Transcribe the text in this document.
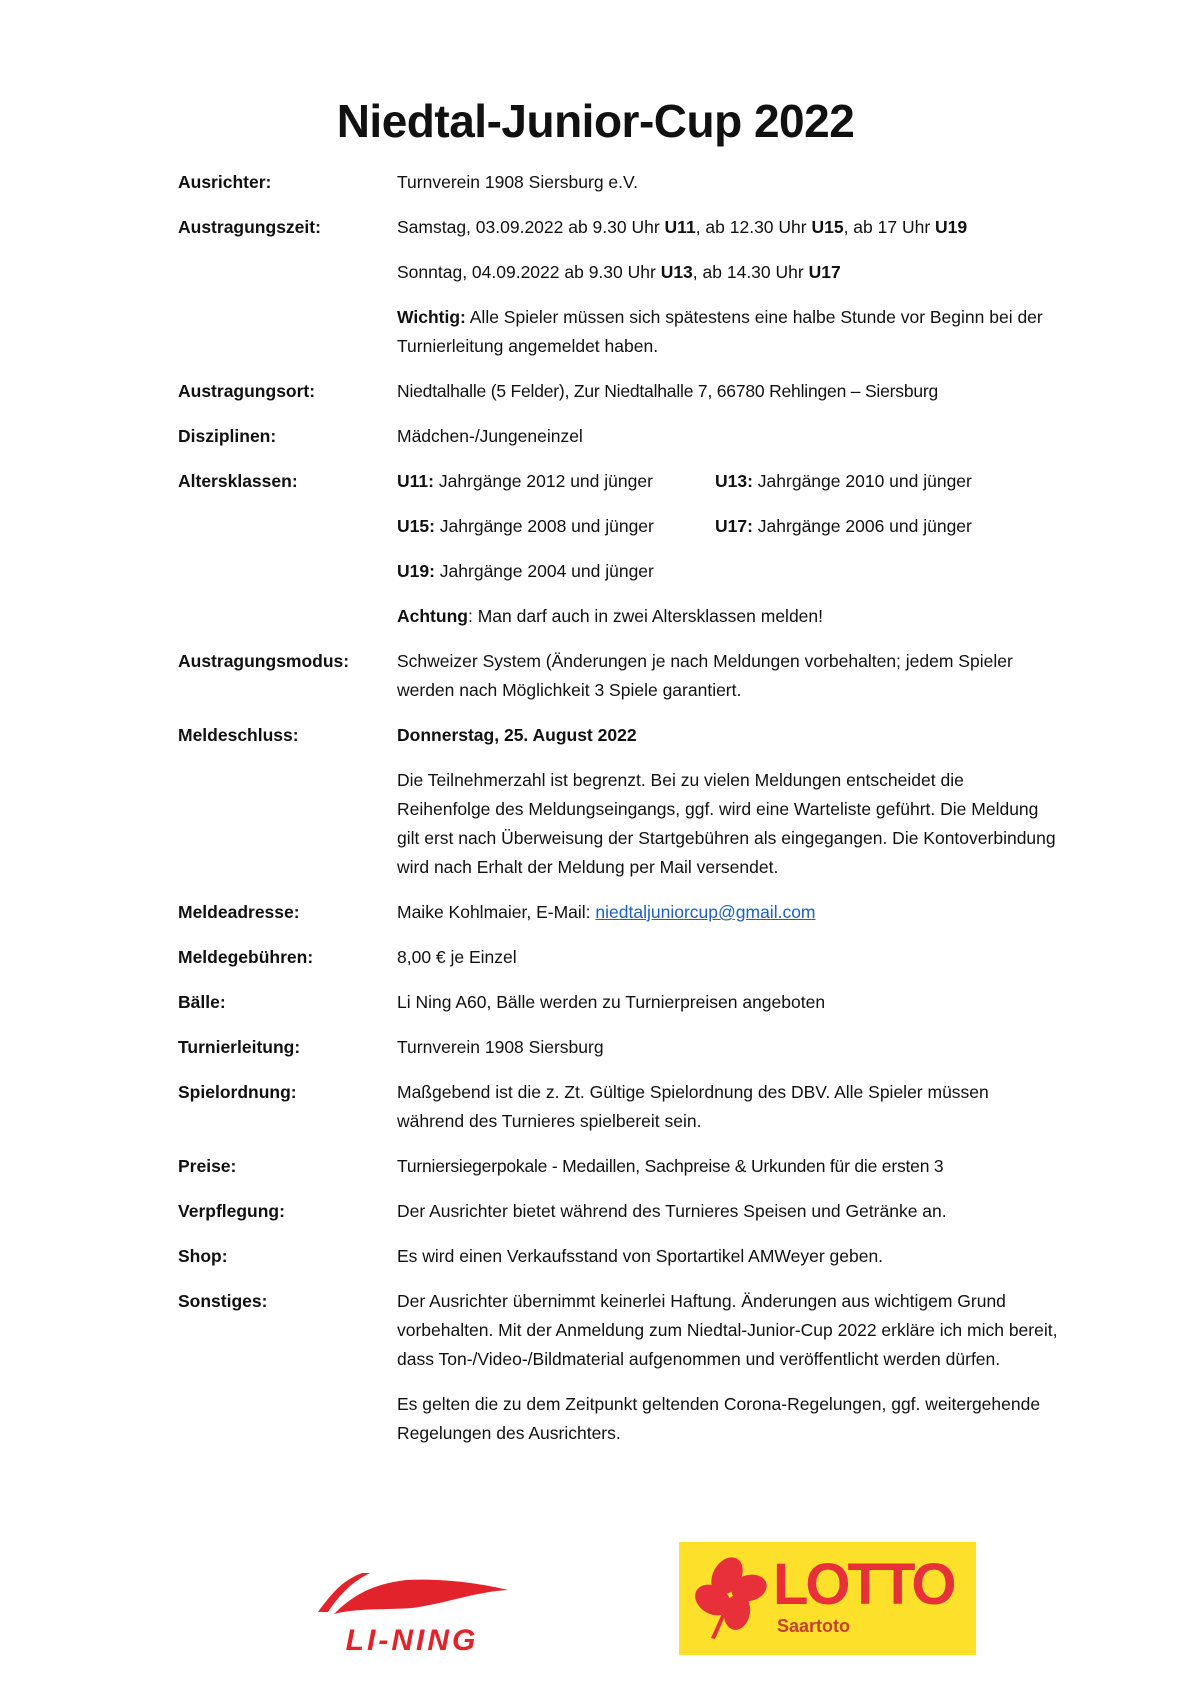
Niedtal-Junior-Cup 2022
Ausrichter:	Turnverein 1908 Siersburg e.V.
Austragungszeit:	Samstag, 03.09.2022 ab 9.30 Uhr U11, ab 12.30 Uhr U15, ab 17 Uhr U19

Sonntag, 04.09.2022 ab 9.30 Uhr U13, ab 14.30 Uhr U17

Wichtig: Alle Spieler müssen sich spätestens eine halbe Stunde vor Beginn bei der Turnierleitung angemeldet haben.

Austragungsort:	Niedtalhalle (5 Felder), Zur Niedtalhalle 7, 66780 Rehlingen – Siersburg
Disziplinen:	Mädchen-/Jungeneinzel
Altersklassen:	U11: Jahrgänge 2012 und jünger	U13: Jahrgänge 2010 und jünger
U15: Jahrgänge 2008 und jünger	U17: Jahrgänge 2006 und jünger
U19: Jahrgänge 2004 und jünger

Achtung: Man darf auch in zwei Altersklassen melden!

Austragungsmodus:	Schweizer System (Änderungen je nach Meldungen vorbehalten; jedem Spieler werden nach Möglichkeit 3 Spiele garantiert.
Meldeschluss:	Donnerstag, 25. August 2022

Die Teilnehmerzahl ist begrenzt. Bei zu vielen Meldungen entscheidet die Reihenfolge des Meldungseingangs, ggf. wird eine Warteliste geführt. Die Meldung gilt erst nach Überweisung der Startgebühren als eingegangen. Die Kontoverbindung wird nach Erhalt der Meldung per Mail versendet.

Meldeadresse:	Maike Kohlmaier, E-Mail: niedtaljuniorcup@gmail.com
Meldegebühren:	8,00 € je Einzel
Bälle:	Li Ning A60, Bälle werden zu Turnierpreisen angeboten
Turnierleitung:	Turnverein 1908 Siersburg
Spielordnung:	Maßgebend ist die z. Zt. Gültige Spielordnung des DBV. Alle Spieler müssen während des Turnieres spielbereit sein.
Preise:	Turniersiegerpokale - Medaillen, Sachpreise & Urkunden für die ersten 3
Verpflegung:	Der Ausrichter bietet während des Turnieres Speisen und Getränke an.
Shop:	Es wird einen Verkaufsstand von Sportartikel AMWeyer geben.
Sonstiges:	Der Ausrichter übernimmt keinerlei Haftung. Änderungen aus wichtigem Grund vorbehalten. Mit der Anmeldung zum Niedtal-Junior-Cup 2022 erkläre ich mich bereit, dass Ton-/Video-/Bildmaterial aufgenommen und veröffentlicht werden dürfen.

Es gelten die zu dem Zeitpunkt geltenden Corona-Regelungen, ggf. weitergehende Regelungen des Ausrichters.

LI-NING
LOTTO
Saartoto
